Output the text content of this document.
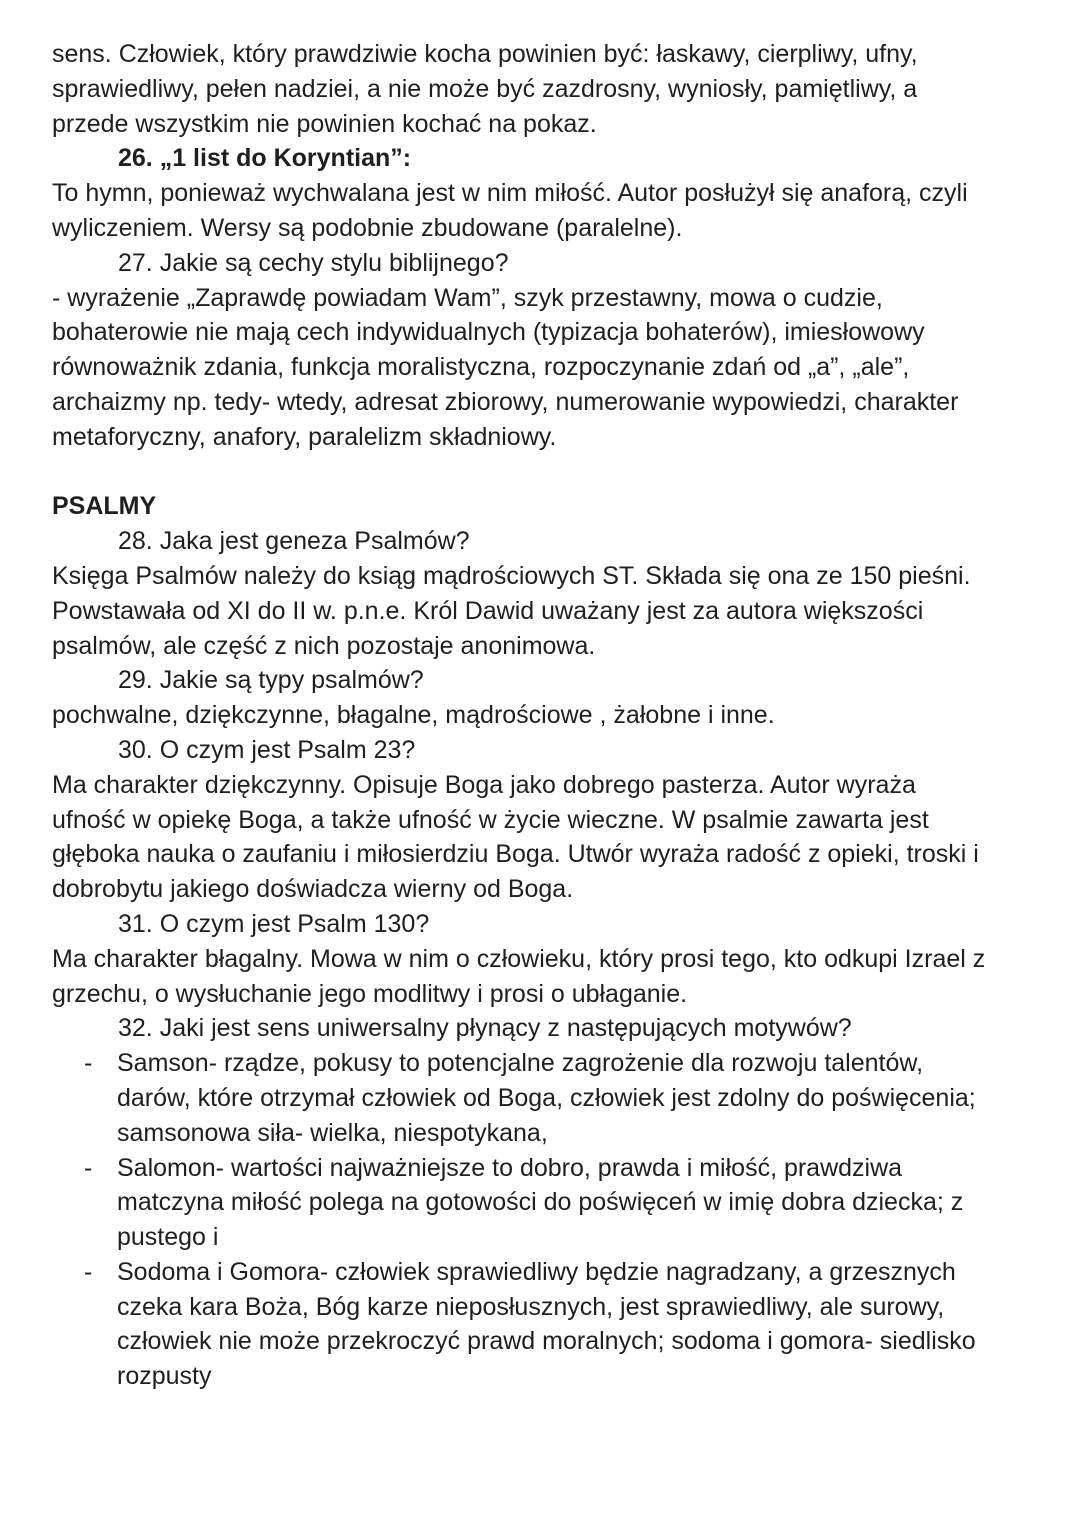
sens. Człowiek, który prawdziwie kocha powinien być: łaskawy, cierpliwy, ufny,

sprawiedliwy, pełen nadziei, a nie może być zazdrosny, wyniosły, pamiętliwy, a

przede wszystkim nie powinien kochać na pokaz.

26. „1 list do Koryntian”:

To hymn, ponieważ wychwalana jest w nim miłość. Autor posłużył się anaforą, czyli

wyliczeniem. Wersy są podobnie zbudowane (paralelne).

27. Jakie są cechy stylu biblijnego?

- wyrażenie „Zaprawdę powiadam Wam”, szyk przestawny, mowa o cudzie,

bohaterowie nie mają cech indywidualnych (typizacja bohaterów), imiesłowowy

równoważnik zdania, funkcja moralistyczna, rozpoczynanie zdań od „a”, „ale”,

archaizmy np. tedy- wtedy, adresat zbiorowy, numerowanie wypowiedzi, charakter

metaforyczny, anafory, paralelizm składniowy.

PSALMY

28. Jaka jest geneza Psalmów?

Księga Psalmów należy do ksiąg mądrościowych ST. Składa się ona ze 150 pieśni.

Powstawała od XI do II w. p.n.e. Król Dawid uważany jest za autora większości

psalmów, ale część z nich pozostaje anonimowa.

29. Jakie są typy psalmów?

pochwalne, dziękczynne, błagalne, mądrościowe , żałobne i inne.

30. O czym jest Psalm 23?

Ma charakter dziękczynny. Opisuje Boga jako dobrego pasterza. Autor wyraża

ufność w opiekę Boga, a także ufność w życie wieczne. W psalmie zawarta jest

głęboka nauka o zaufaniu i miłosierdziu Boga. Utwór wyraża radość z opieki, troski i

dobrobytu jakiego doświadcza wierny od Boga.

31. O czym jest Psalm 130?

Ma charakter błagalny. Mowa w nim o człowieku, który prosi tego, kto odkupi Izrael z

grzechu, o wysłuchanie jego modlitwy i prosi o ubłaganie.

32. Jaki jest sens uniwersalny płynący z następujących motywów?

- Samson- rządze, pokusy to potencjalne zagrożenie dla rozwoju talentów,

darów, które otrzymał człowiek od Boga, człowiek jest zdolny do poświęcenia;

samsonowa siła- wielka, niespotykana,

- Salomon- wartości najważniejsze to dobro, prawda i miłość, prawdziwa

matczyna miłość polega na gotowości do poświęceń w imię dobra dziecka; z

pustego i

- Sodoma i Gomora- człowiek sprawiedliwy będzie nagradzany, a grzesznych

czeka kara Boża, Bóg karze nieposłusznych, jest sprawiedliwy, ale surowy,

człowiek nie może przekroczyć prawd moralnych; sodoma i gomora- siedlisko

rozpusty
